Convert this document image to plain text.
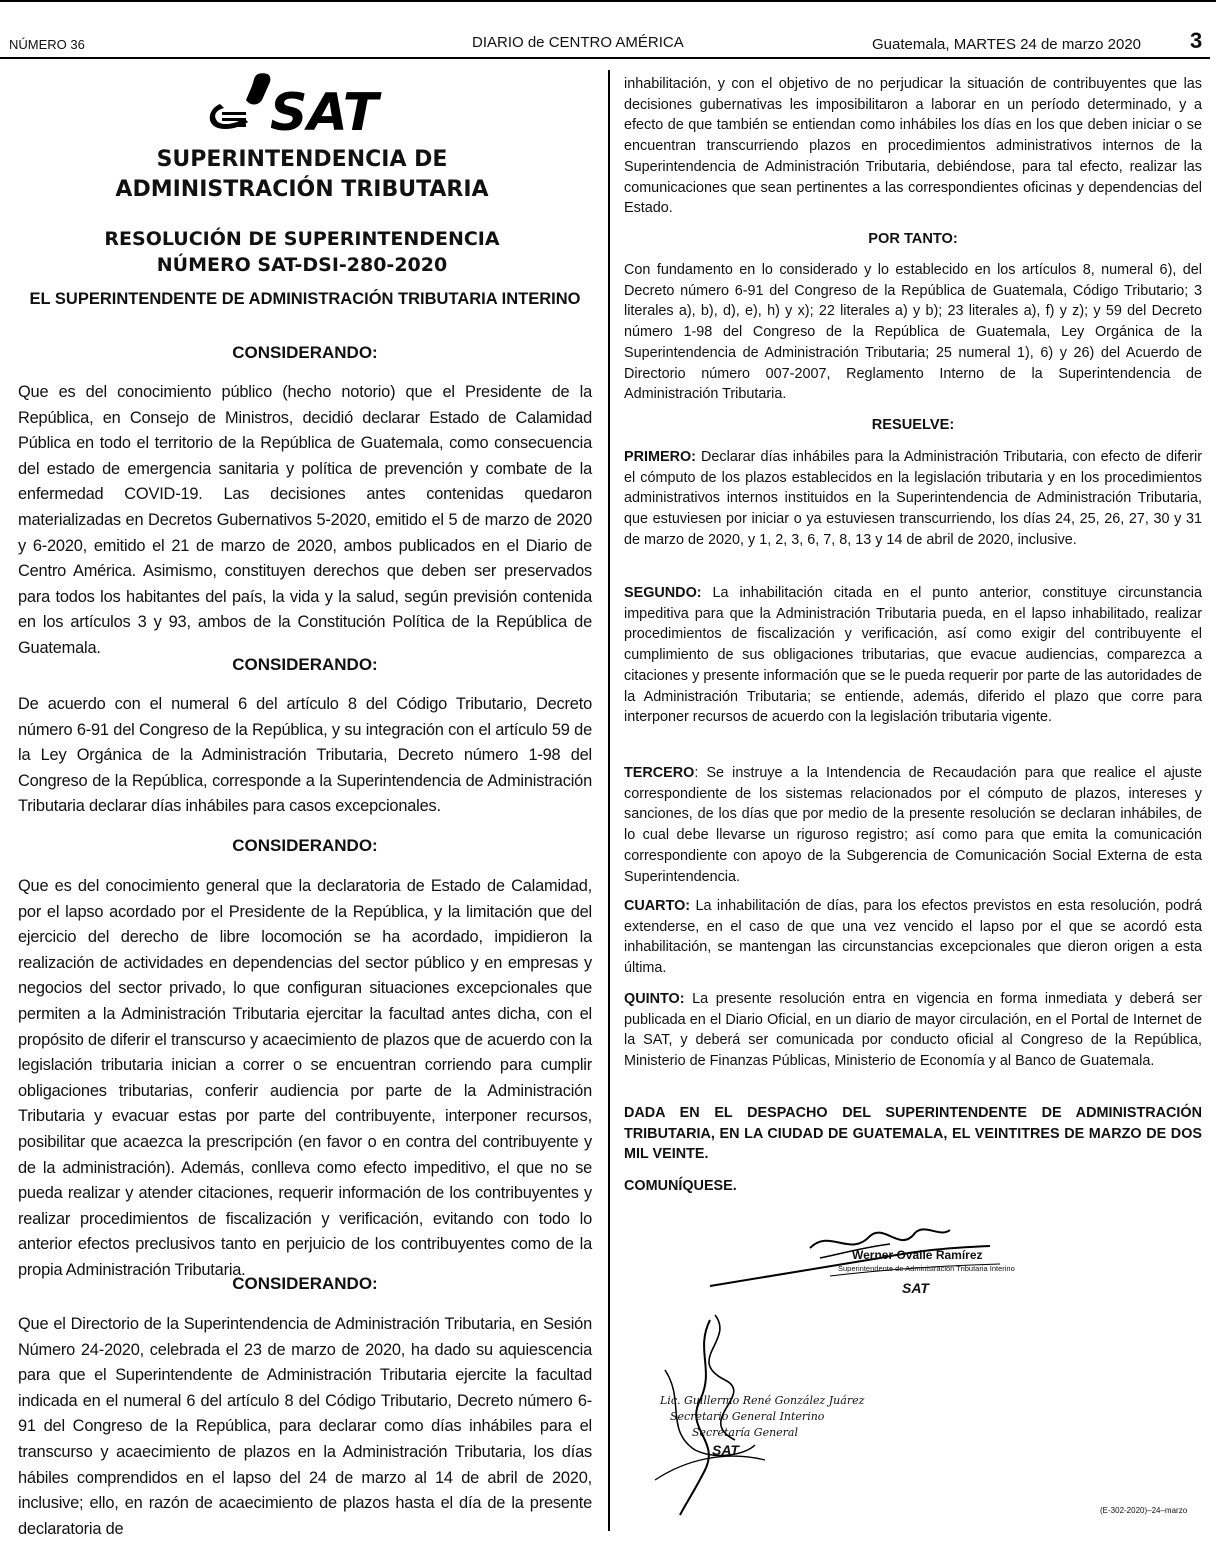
NÚMERO 36	DIARIO de CENTRO AMÉRICA	Guatemala, MARTES 24 de marzo 2020 3
SAT
SUPERINTENDENCIA DE
ADMINISTRACIÓN TRIBUTARIA
RESOLUCIÓN DE SUPERINTENDENCIA
NÚMERO SAT-DSI-280-2020
EL SUPERINTENDENTE DE ADMINISTRACIÓN TRIBUTARIA INTERINO
CONSIDERANDO:

Que es del conocimiento público (hecho notorio) que el Presidente de la República, en Consejo de Ministros, decidió declarar Estado de Calamidad Pública en todo el territorio de la República de Guatemala, como consecuencia del estado de emergencia sanitaria y política de prevención y combate de la enfermedad COVID-19. Las decisiones antes contenidas quedaron materializadas en Decretos Gubernativos 5-2020, emitido el 5 de marzo de 2020 y 6-2020, emitido el 21 de marzo de 2020, ambos publicados en el Diario de Centro América. Asimismo, constituyen derechos que deben ser preservados para todos los habitantes del país, la vida y la salud, según previsión contenida en los artículos 3 y 93, ambos de la Constitución Política de la República de Guatemala.

CONSIDERANDO:

De acuerdo con el numeral 6 del artículo 8 del Código Tributario, Decreto número 6-91 del Congreso de la República, y su integración con el artículo 59 de la Ley Orgánica de la Administración Tributaria, Decreto número 1-98 del Congreso de la República, corresponde a la Superintendencia de Administración Tributaria declarar días inhábiles para casos excepcionales.

CONSIDERANDO:

Que es del conocimiento general que la declaratoria de Estado de Calamidad, por el lapso acordado por el Presidente de la República, y la limitación que del ejercicio del derecho de libre locomoción se ha acordado, impidieron la realización de actividades en dependencias del sector público y en empresas y negocios del sector privado, lo que configuran situaciones excepcionales que permiten a la Administración Tributaria ejercitar la facultad antes dicha, con el propósito de diferir el transcurso y acaecimiento de plazos que de acuerdo con la legislación tributaria inician a correr o se encuentran corriendo para cumplir obligaciones tributarias, conferir audiencia por parte de la Administración Tributaria y evacuar estas por parte del contribuyente, interponer recursos, posibilitar que acaezca la prescripción (en favor o en contra del contribuyente y de la administración). Además, conlleva como efecto impeditivo, el que no se pueda realizar y atender citaciones, requerir información de los contribuyentes y realizar procedimientos de fiscalización y verificación, evitando con todo lo anterior efectos preclusivos tanto en perjuicio de los contribuyentes como de la propia Administración Tributaria.

CONSIDERANDO:

Que el Directorio de la Superintendencia de Administración Tributaria, en Sesión Número 24-2020, celebrada el 23 de marzo de 2020, ha dado su aquiescencia para que el Superintendente de Administración Tributaria ejercite la facultad indicada en el numeral 6 del artículo 8 del Código Tributario, Decreto número 6-91 del Congreso de la República, para declarar como días inhábiles para el transcurso y acaecimiento de plazos en la Administración Tributaria, los días hábiles comprendidos en el lapso del 24 de marzo al 14 de abril de 2020, inclusive; ello, en razón de acaecimiento de plazos hasta el día de la presente declaratoria de

inhabilitación, y con el objetivo de no perjudicar la situación de contribuyentes que las decisiones gubernativas les imposibilitaron a laborar en un período determinado, y a efecto de que también se entiendan como inhábiles los días en los que deben iniciar o se encuentran transcurriendo plazos en procedimientos administrativos internos de la Superintendencia de Administración Tributaria, debiéndose, para tal efecto, realizar las comunicaciones que sean pertinentes a las correspondientes oficinas y dependencias del Estado.

POR TANTO:

Con fundamento en lo considerado y lo establecido en los artículos 8, numeral 6), del Decreto número 6-91 del Congreso de la República de Guatemala, Código Tributario; 3 literales a), b), d), e), h) y x); 22 literales a) y b); 23 literales a), f) y z); y 59 del Decreto número 1-98 del Congreso de la República de Guatemala, Ley Orgánica de la Superintendencia de Administración Tributaria; 25 numeral 1), 6) y 26) del Acuerdo de Directorio número 007-2007, Reglamento Interno de la Superintendencia de Administración Tributaria.

RESUELVE:

PRIMERO: Declarar días inhábiles para la Administración Tributaria, con efecto de diferir el cómputo de los plazos establecidos en la legislación tributaria y en los procedimientos administrativos internos instituidos en la Superintendencia de Administración Tributaria, que estuviesen por iniciar o ya estuviesen transcurriendo, los días 24, 25, 26, 27, 30 y 31 de marzo de 2020, y 1, 2, 3, 6, 7, 8, 13 y 14 de abril de 2020, inclusive.

SEGUNDO: La inhabilitación citada en el punto anterior, constituye circunstancia impeditiva para que la Administración Tributaria pueda, en el lapso inhabilitado, realizar procedimientos de fiscalización y verificación, así como exigir del contribuyente el cumplimiento de sus obligaciones tributarias, que evacue audiencias, comparezca a citaciones y presente información que se le pueda requerir por parte de las autoridades de la Administración Tributaria; se entiende, además, diferido el plazo que corre para interponer recursos de acuerdo con la legislación tributaria vigente.

TERCERO: Se instruye a la Intendencia de Recaudación para que realice el ajuste correspondiente de los sistemas relacionados por el cómputo de plazos, intereses y sanciones, de los días que por medio de la presente resolución se declaran inhábiles, de lo cual debe llevarse un riguroso registro; así como para que emita la comunicación correspondiente con apoyo de la Subgerencia de Comunicación Social Externa de esta Superintendencia.

CUARTO: La inhabilitación de días, para los efectos previstos en esta resolución, podrá extenderse, en el caso de que una vez vencido el lapso por el que se acordó esta inhabilitación, se mantengan las circunstancias excepcionales que dieron origen a esta última.

QUINTO: La presente resolución entra en vigencia en forma inmediata y deberá ser publicada en el Diario Oficial, en un diario de mayor circulación, en el Portal de Internet de la SAT, y deberá ser comunicada por conducto oficial al Congreso de la República, Ministerio de Finanzas Públicas, Ministerio de Economía y al Banco de Guatemala.

DADA EN EL DESPACHO DEL SUPERINTENDENTE DE ADMINISTRACIÓN TRIBUTARIA, EN LA CIUDAD DE GUATEMALA, EL VEINTITRES DE MARZO DE DOS MIL VEINTE.
COMUNÍQUESE.
Werner Ovalle Ramírez
Superintendente de Administración Tributaria Interino
SAT
Lic. Guillermo René González Juárez
Secretario General Interino
Secretaría General
SAT
(E-302-2020)–24–marzo
